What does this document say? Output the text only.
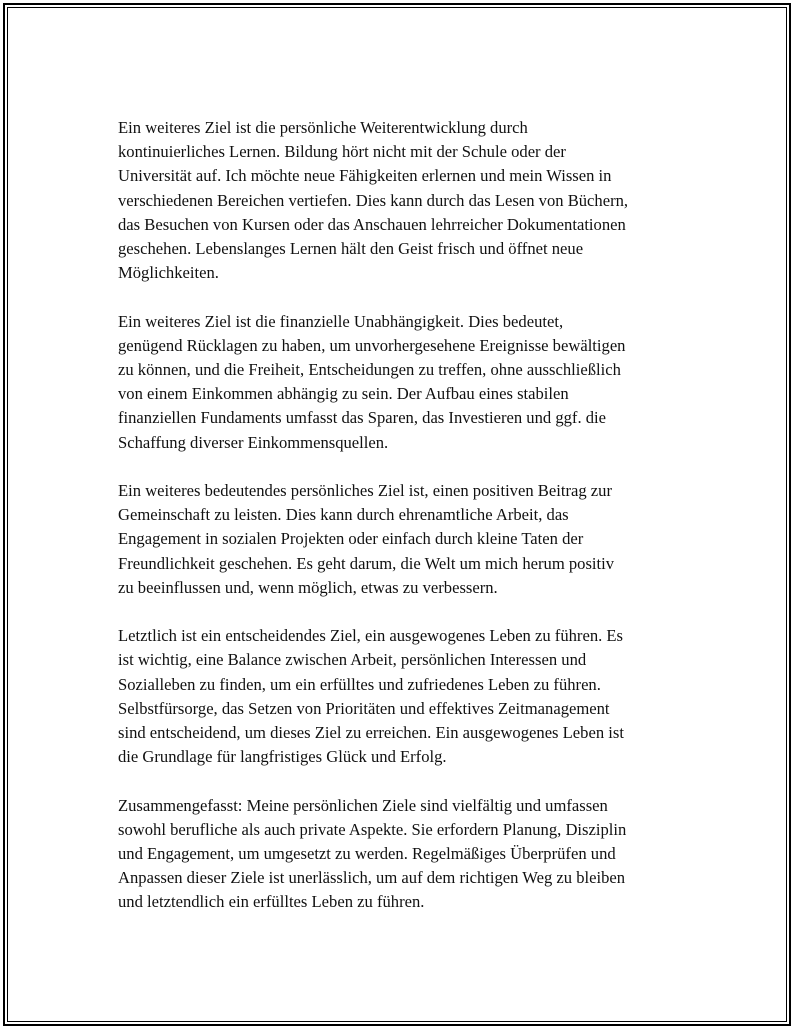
Ein weiteres Ziel ist die persönliche Weiterentwicklung durch
kontinuierliches Lernen. Bildung hört nicht mit der Schule oder der
Universität auf. Ich möchte neue Fähigkeiten erlernen und mein Wissen in
verschiedenen Bereichen vertiefen. Dies kann durch das Lesen von Büchern,
das Besuchen von Kursen oder das Anschauen lehrreicher Dokumentationen
geschehen. Lebenslanges Lernen hält den Geist frisch und öffnet neue
Möglichkeiten.

Ein weiteres Ziel ist die finanzielle Unabhängigkeit. Dies bedeutet,
genügend Rücklagen zu haben, um unvorhergesehene Ereignisse bewältigen
zu können, und die Freiheit, Entscheidungen zu treffen, ohne ausschließlich
von einem Einkommen abhängig zu sein. Der Aufbau eines stabilen
finanziellen Fundaments umfasst das Sparen, das Investieren und ggf. die
Schaffung diverser Einkommensquellen.

Ein weiteres bedeutendes persönliches Ziel ist, einen positiven Beitrag zur
Gemeinschaft zu leisten. Dies kann durch ehrenamtliche Arbeit, das
Engagement in sozialen Projekten oder einfach durch kleine Taten der
Freundlichkeit geschehen. Es geht darum, die Welt um mich herum positiv
zu beeinflussen und, wenn möglich, etwas zu verbessern.

Letztlich ist ein entscheidendes Ziel, ein ausgewogenes Leben zu führen. Es
ist wichtig, eine Balance zwischen Arbeit, persönlichen Interessen und
Sozialleben zu finden, um ein erfülltes und zufriedenes Leben zu führen.
Selbstfürsorge, das Setzen von Prioritäten und effektives Zeitmanagement
sind entscheidend, um dieses Ziel zu erreichen. Ein ausgewogenes Leben ist
die Grundlage für langfristiges Glück und Erfolg.

Zusammengefasst: Meine persönlichen Ziele sind vielfältig und umfassen
sowohl berufliche als auch private Aspekte. Sie erfordern Planung, Disziplin
und Engagement, um umgesetzt zu werden. Regelmäßiges Überprüfen und
Anpassen dieser Ziele ist unerlässlich, um auf dem richtigen Weg zu bleiben
und letztendlich ein erfülltes Leben zu führen.
